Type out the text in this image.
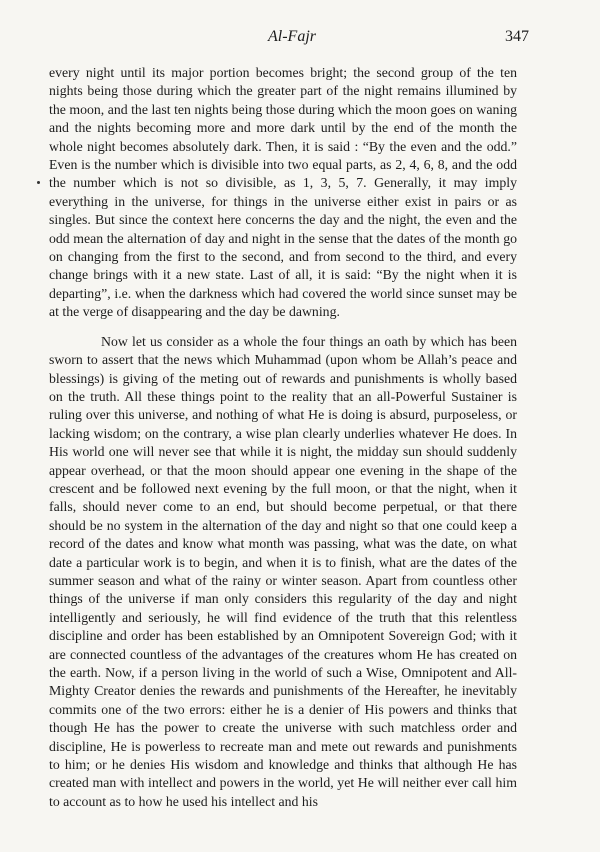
Al-Fajr	347

every night until its major portion becomes bright; the second group of the ten nights being those during which the greater part of the night remains illumined by the moon, and the last ten nights being those during which the moon goes on waning and the nights becoming more and more dark until by the end of the month the whole night becomes absolutely dark. Then, it is said : “By the even and the odd.” Even is the number which is divisible into two equal parts, as 2, 4, 6, 8, and the odd the number which is not so divisible, as 1, 3, 5, 7. Generally, it may imply everything in the universe, for things in the universe either exist in pairs or as singles. But since the context here concerns the day and the night, the even and the odd mean the alternation of day and night in the sense that the dates of the month go on changing from the first to the second, and from second to the third, and every change brings with it a new state. Last of all, it is said: “By the night when it is departing”, i.e. when the darkness which had covered the world since sunset may be at the verge of disappearing and the day be dawning.

Now let us consider as a whole the four things an oath by which has been sworn to assert that the news which Muhammad (upon whom be Allah’s peace and blessings) is giving of the meting out of rewards and punishments is wholly based on the truth. All these things point to the reality that an all-Powerful Sustainer is ruling over this universe, and nothing of what He is doing is absurd, purposeless, or lacking wisdom; on the contrary, a wise plan clearly underlies whatever He does. In His world one will never see that while it is night, the midday sun should suddenly appear overhead, or that the moon should appear one evening in the shape of the crescent and be followed next evening by the full moon, or that the night, when it falls, should never come to an end, but should become perpetual, or that there should be no system in the alternation of the day and night so that one could keep a record of the dates and know what month was passing, what was the date, on what date a particular work is to begin, and when it is to finish, what are the dates of the summer season and what of the rainy or winter season. Apart from countless other things of the universe if man only considers this regularity of the day and night intelligently and seriously, he will find evidence of the truth that this relentless discipline and order has been established by an Omnipotent Sovereign God; with it are connected countless of the advantages of the creatures whom He has created on the earth. Now, if a person living in the world of such a Wise, Omnipotent and All-Mighty Creator denies the rewards and punishments of the Hereafter, he inevitably commits one of the two errors: either he is a denier of His powers and thinks that though He has the power to create the universe with such matchless order and discipline, He is powerless to recreate man and mete out rewards and punishments to him; or he denies His wisdom and knowledge and thinks that although He has created man with intellect and powers in the world, yet He will neither ever call him to account as to how he used his intellect and his
